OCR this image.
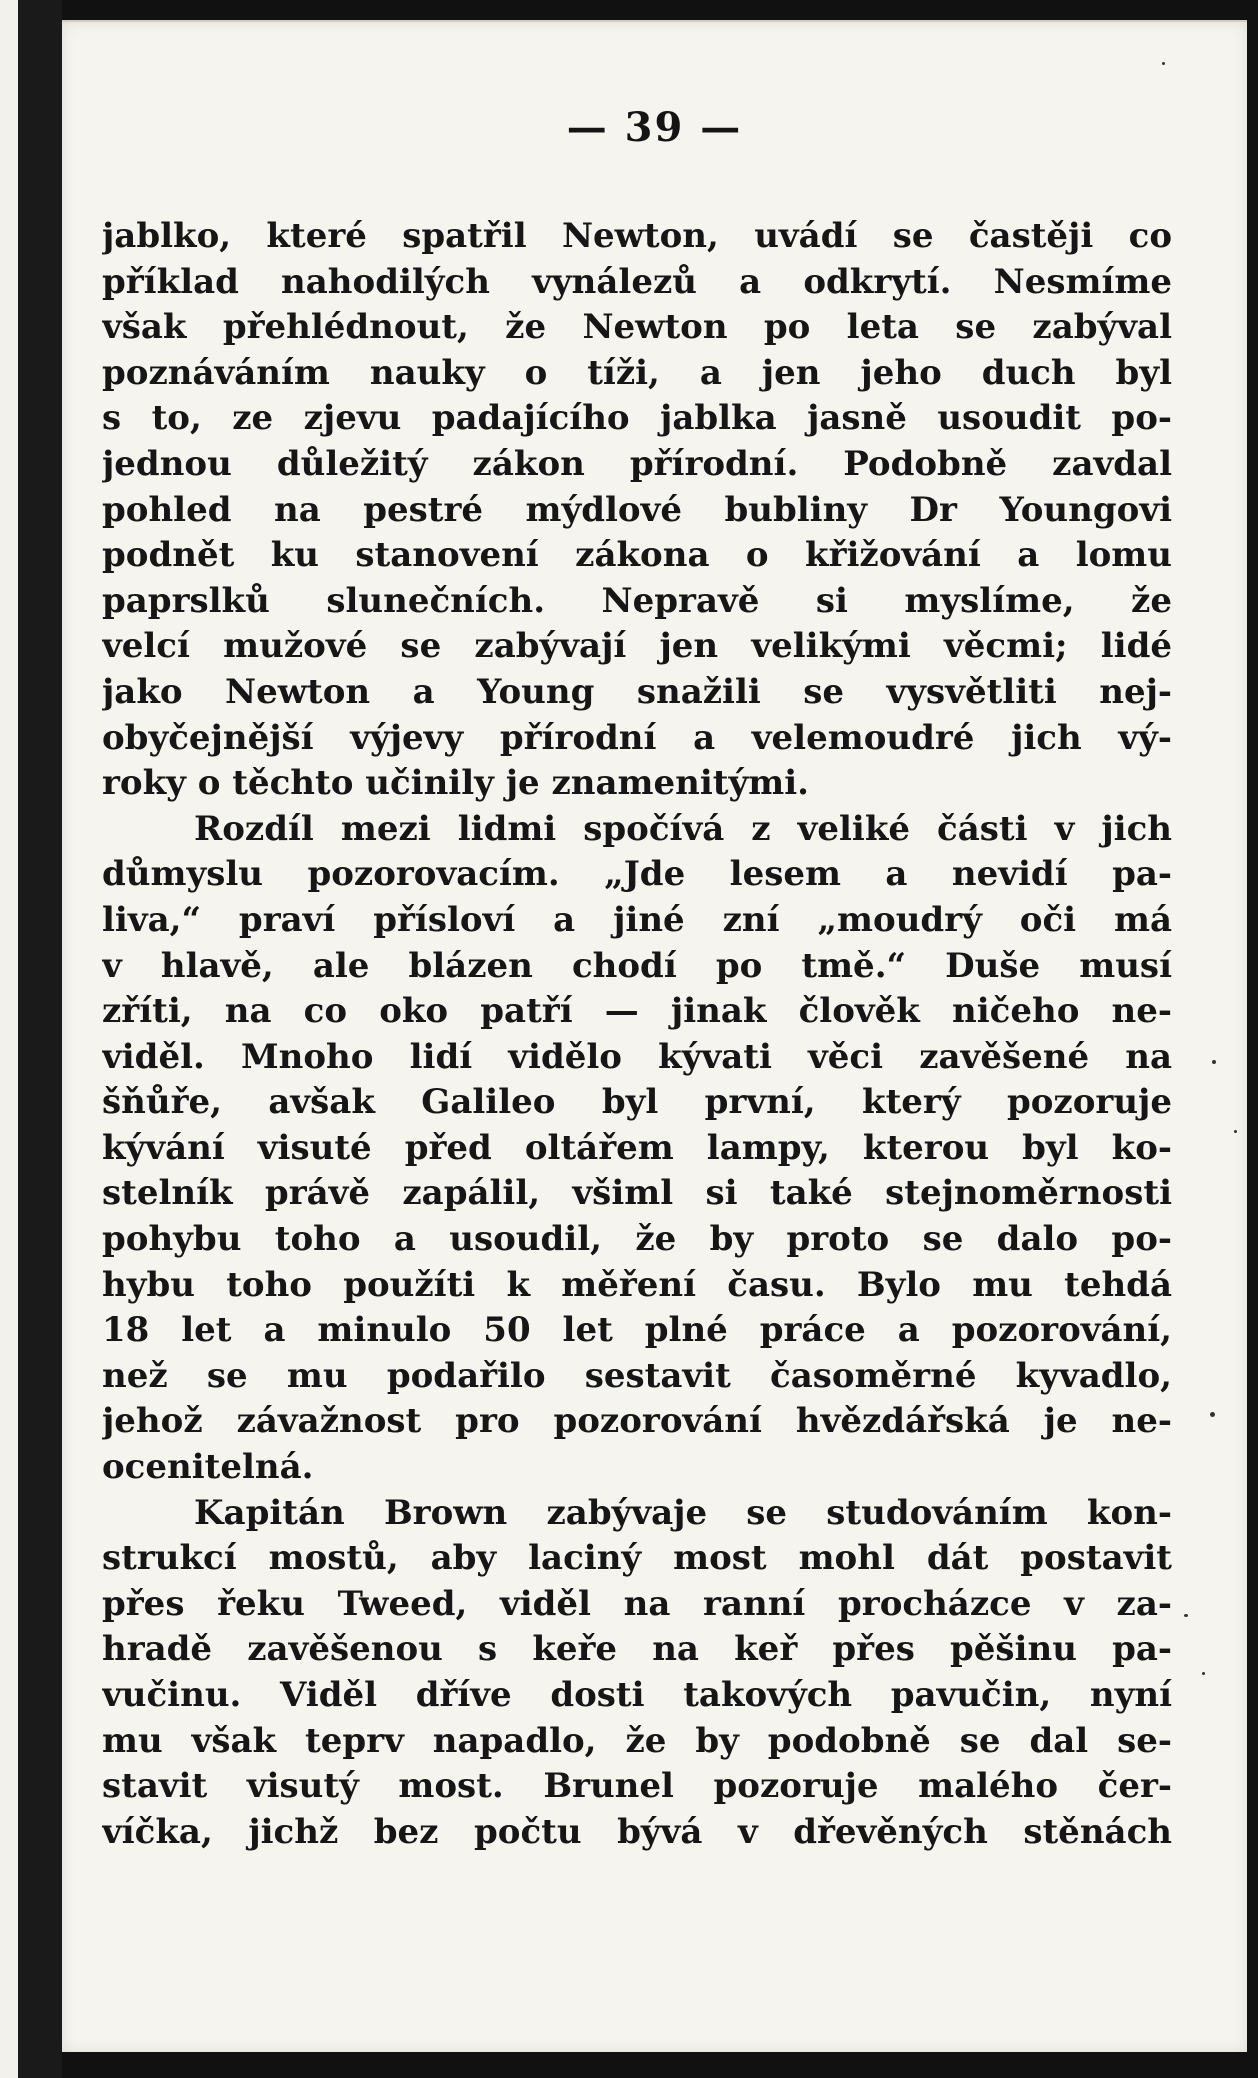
— 39 —
jablko, které spatřil Newton, uvádí se častěji co
příklad nahodilých vynálezů a odkrytí. Nesmíme
však přehlédnout, že Newton po leta se zabýval
poznáváním nauky o tíži, a jen jeho duch byl
s to, ze zjevu padajícího jablka jasně usoudit po-
jednou důležitý zákon přírodní. Podobně zavdal
pohled na pestré mýdlové bubliny Dr Youngovi
podnět ku stanovení zákona o křižování a lomu
paprslků slunečních. Nepravě si myslíme, že
velcí mužové se zabývají jen velikými věcmi; lidé
jako Newton a Young snažili se vysvětliti nej-
obyčejnější výjevy přírodní a velemoudré jich vý-
roky o těchto učinily je znamenitými.
Rozdíl mezi lidmi spočívá z veliké části v jich
důmyslu pozorovacím. „Jde lesem a nevidí pa-
liva,“ praví přísloví a jiné zní „moudrý oči má
v hlavě, ale blázen chodí po tmě.“ Duše musí
zříti, na co oko patří — jinak člověk ničeho ne-
viděl. Mnoho lidí vidělo kývati věci zavěšené na
šňůře, avšak Galileo byl první, který pozoruje
kývání visuté před oltářem lampy, kterou byl ko-
stelník právě zapálil, všiml si také stejnoměrnosti
pohybu toho a usoudil, že by proto se dalo po-
hybu toho použíti k měření času. Bylo mu tehdá
18 let a minulo 50 let plné práce a pozorování,
než se mu podařilo sestavit časoměrné kyvadlo,
jehož závažnost pro pozorování hvězdářská je ne-
ocenitelná.
Kapitán Brown zabývaje se studováním kon-
strukcí mostů, aby laciný most mohl dát postavit
přes řeku Tweed, viděl na ranní procházce v za-
hradě zavěšenou s keře na keř přes pěšinu pa-
vučinu. Viděl dříve dosti takových pavučin, nyní
mu však teprv napadlo, že by podobně se dal se-
stavit visutý most. Brunel pozoruje malého čer-
víčka, jichž bez počtu bývá v dřevěných stěnách
